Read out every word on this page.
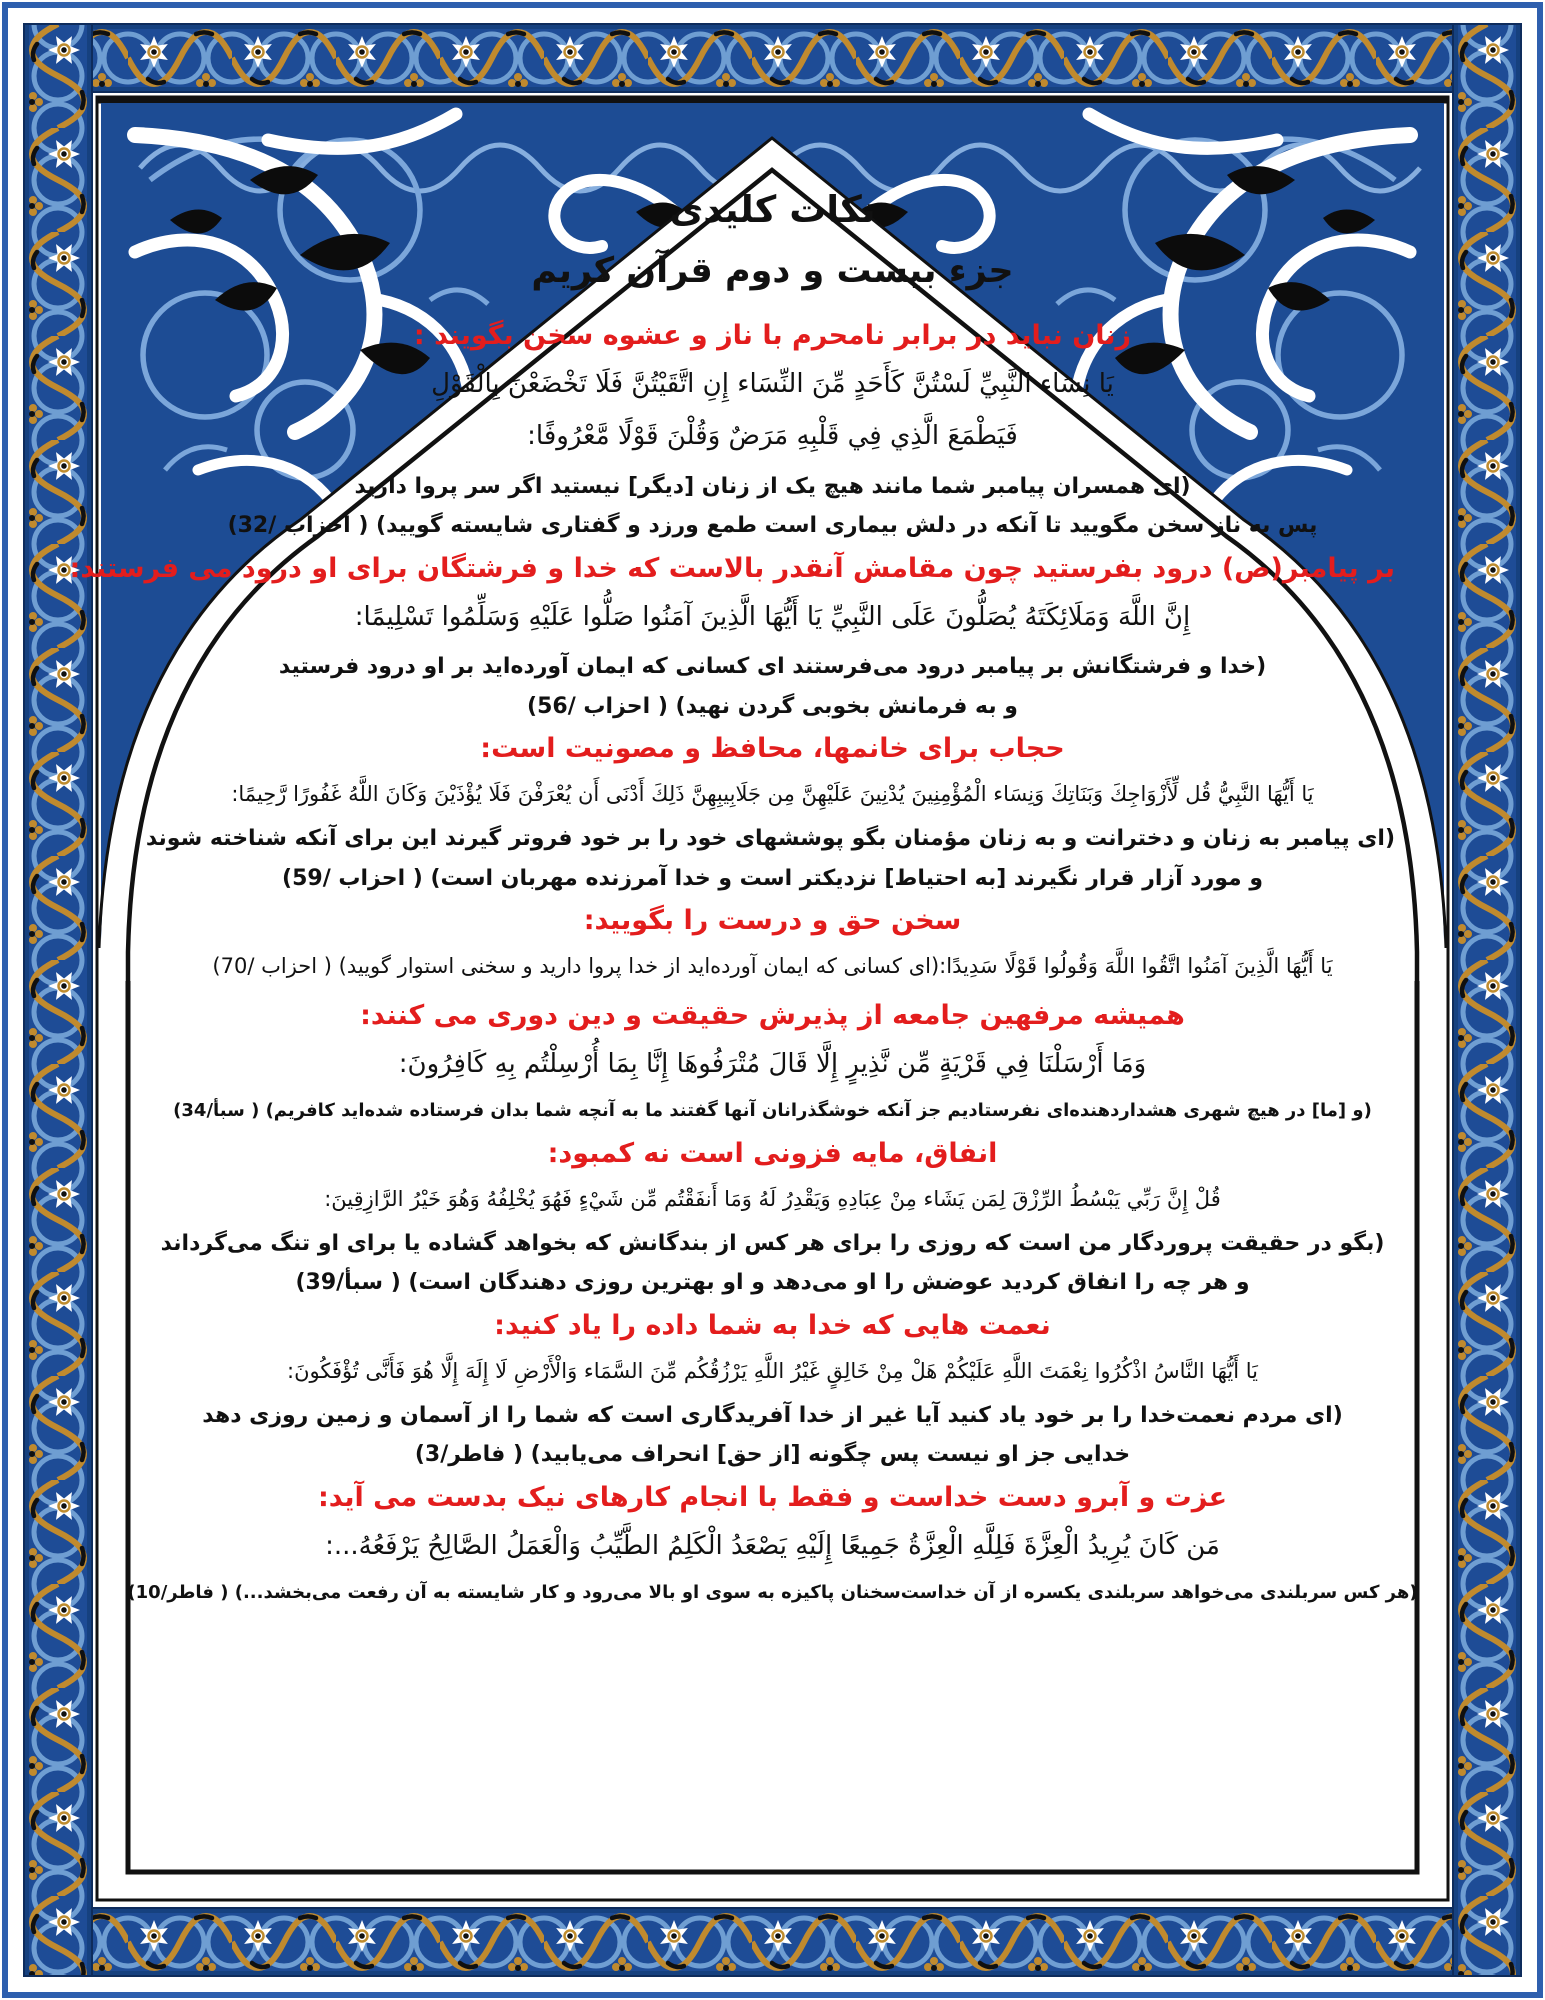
نکات کلیدی
جزء بیست و دوم قرآن کریم
زنان نباید در برابر نامحرم با ناز و عشوه سخن بگویند :
يَا نِسَاء النَّبِيِّ لَسْتُنَّ كَأَحَدٍ مِّنَ النِّسَاء إِنِ اتَّقَيْتُنَّ فَلَا تَخْضَعْنَ بِالْقَوْلِ
فَيَطْمَعَ الَّذِي فِي قَلْبِهِ مَرَضٌ وَقُلْنَ قَوْلًا مَّعْرُوفًا:
(ای همسران پیامبر شما مانند هیچ یک از زنان [دیگر] نیستید اگر سر پروا دارید
پس به ناز سخن مگویید تا آنکه در دلش بیماری است طمع ورزد و گفتاری شایسته گویید) ( احزاب /32)
بر پیامبر(ص) درود بفرستید چون مقامش آنقدر بالاست که خدا و فرشتگان برای او درود می فرستند:
إِنَّ اللَّهَ وَمَلَائِكَتَهُ يُصَلُّونَ عَلَى النَّبِيِّ يَا أَيُّهَا الَّذِينَ آمَنُوا صَلُّوا عَلَيْهِ وَسَلِّمُوا تَسْلِيمًا:
(خدا و فرشتگانش بر پیامبر درود می‌فرستند ای کسانی که ایمان آورده‌اید بر او درود فرستید
و به فرمانش بخوبی گردن نهید) ( احزاب /56)
حجاب برای خانمها، محافظ و مصونیت است:
يَا أَيُّهَا النَّبِيُّ قُل لِّأَزْوَاجِكَ وَبَنَاتِكَ وَنِسَاء الْمُؤْمِنِينَ يُدْنِينَ عَلَيْهِنَّ مِن جَلَابِيبِهِنَّ ذَلِكَ أَدْنَى أَن يُعْرَفْنَ فَلَا يُؤْذَيْنَ وَكَانَ اللَّهُ غَفُورًا رَّحِيمًا:
(ای پیامبر به زنان و دخترانت و به زنان مؤمنان بگو پوششهای خود را بر خود فروتر گیرند این برای آنکه شناخته شوند
و مورد آزار قرار نگیرند [به احتیاط] نزدیکتر است و خدا آمرزنده مهربان است) ( احزاب /59)
سخن حق و درست را بگویید:
يَا أَيُّهَا الَّذِينَ آمَنُوا اتَّقُوا اللَّهَ وَقُولُوا قَوْلًا سَدِيدًا:(ای کسانی که ایمان آورده‌اید از خدا پروا دارید و سخنی استوار گویید) ( احزاب /70)
همیشه مرفهین جامعه از پذیرش حقیقت و دین دوری می کنند:
وَمَا أَرْسَلْنَا فِي قَرْيَةٍ مِّن نَّذِيرٍ إِلَّا قَالَ مُتْرَفُوهَا إِنَّا بِمَا أُرْسِلْتُم بِهِ كَافِرُونَ:
(و [ما] در هیچ شهری هشداردهنده‌ای نفرستادیم جز آنکه خوشگذرانان آنها گفتند ما به آنچه شما بدان فرستاده شده‌اید کافریم) ( سبأ/34)
انفاق، مایه فزونی است نه کمبود:
قُلْ إِنَّ رَبِّي يَبْسُطُ الرِّزْقَ لِمَن يَشَاء مِنْ عِبَادِهِ وَيَقْدِرُ لَهُ وَمَا أَنفَقْتُم مِّن شَيْءٍ فَهُوَ يُخْلِفُهُ وَهُوَ خَيْرُ الرَّازِقِينَ:
(بگو در حقیقت پروردگار من است که روزی را برای هر کس از بندگانش که بخواهد گشاده یا برای او تنگ می‌گرداند
و هر چه را انفاق کردید عوضش را او می‌دهد و او بهترین روزی دهندگان است) ( سبأ/39)
نعمت هایی که خدا به شما داده را یاد کنید:
يَا أَيُّهَا النَّاسُ اذْكُرُوا نِعْمَتَ اللَّهِ عَلَيْكُمْ هَلْ مِنْ خَالِقٍ غَيْرُ اللَّهِ يَرْزُقُكُم مِّنَ السَّمَاء وَالْأَرْضِ لَا إِلَهَ إِلَّا هُوَ فَأَنَّى تُؤْفَكُونَ:
(ای مردم نعمت‌خدا را بر خود یاد کنید آیا غیر از خدا آفریدگاری است که شما را از آسمان و زمین روزی دهد
خدایی جز او نیست پس چگونه [از حق] انحراف می‌یابید) ( فاطر/3)
عزت و آبرو دست خداست و فقط با انجام کارهای نیک بدست می آید:
مَن كَانَ يُرِيدُ الْعِزَّةَ فَلِلَّهِ الْعِزَّةُ جَمِيعًا إِلَيْهِ يَصْعَدُ الْكَلِمُ الطَّيِّبُ وَالْعَمَلُ الصَّالِحُ يَرْفَعُهُ...:
(هر کس سربلندی می‌خواهد سربلندی یکسره از آن خداست‌سخنان پاکیزه به سوی او بالا می‌رود و کار شایسته به آن رفعت می‌بخشد...) ( فاطر/10)
